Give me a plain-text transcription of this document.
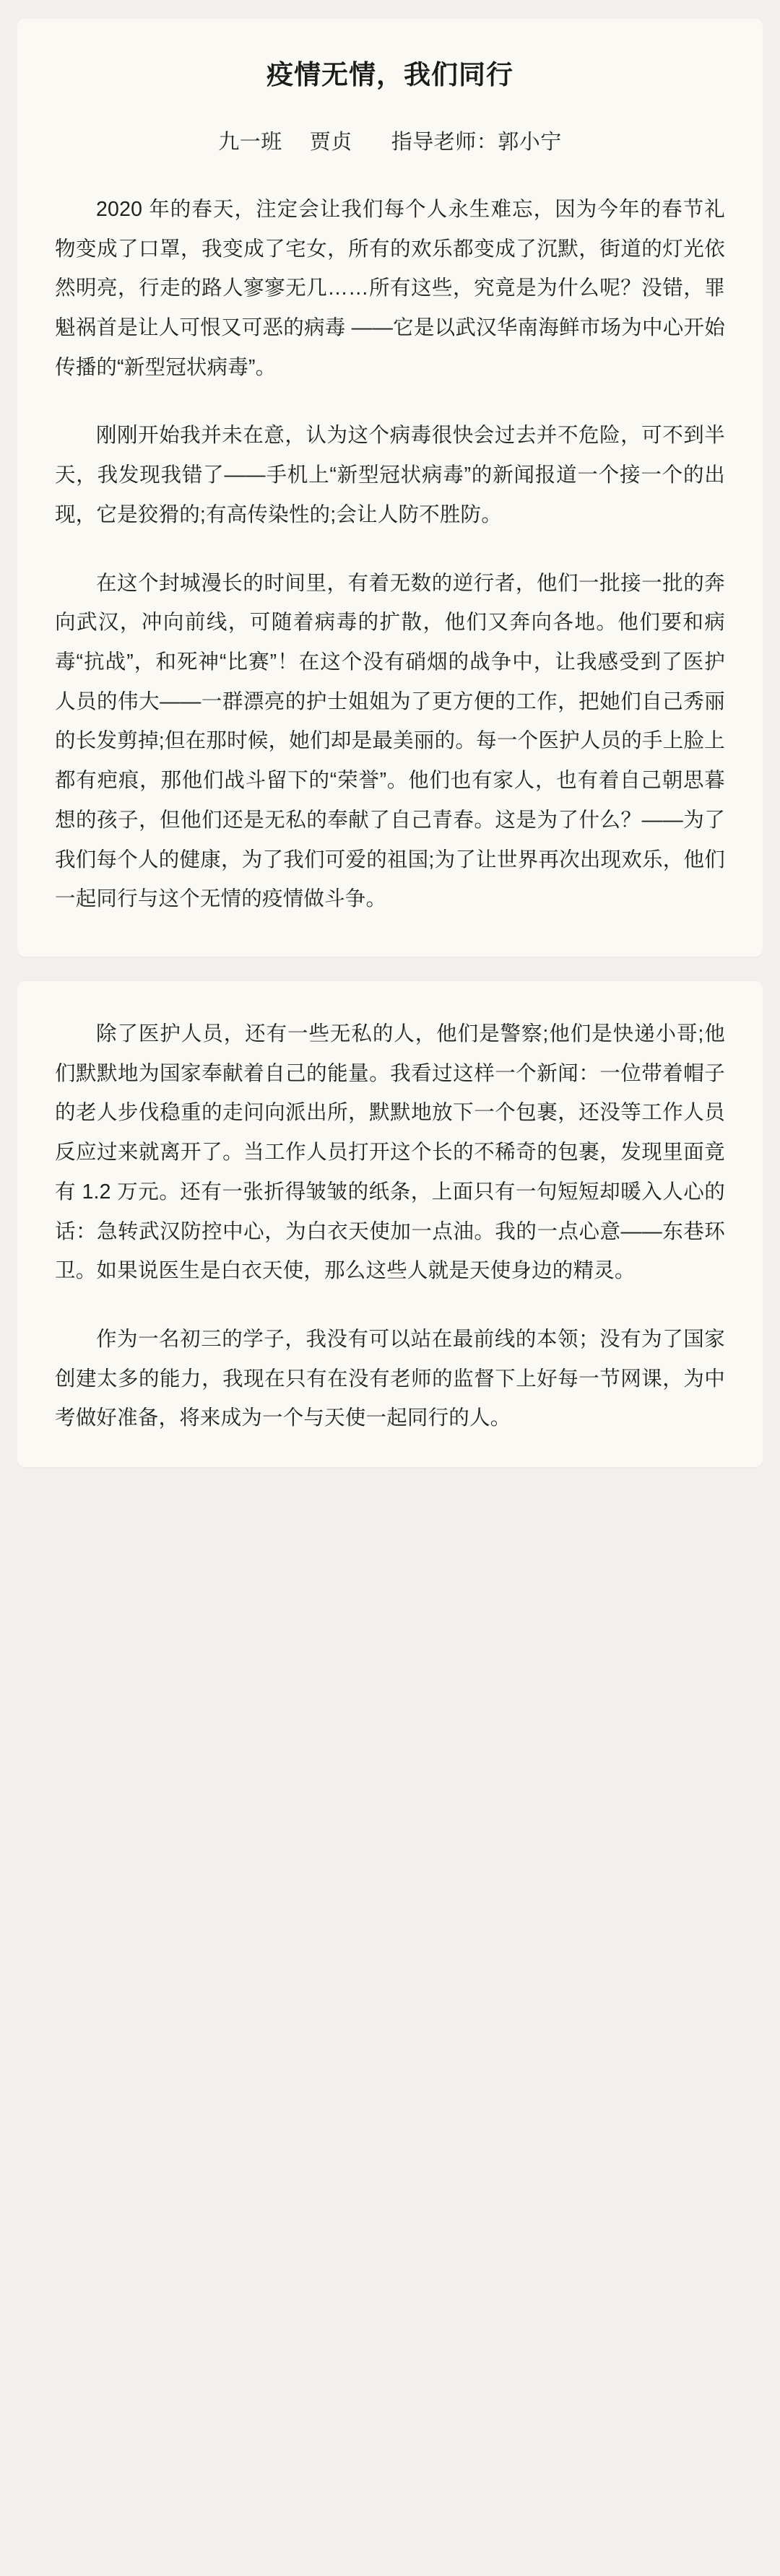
疫情无情，我们同行
九一班 贾贞 指导老师：郭小宁

2020 年的春天，注定会让我们每个人永生难忘，因为今年的春节礼物变成了口罩，我变成了宅女，所有的欢乐都变成了沉默，街道的灯光依然明亮，行走的路人寥寥无几……所有这些，究竟是为什么呢？没错，罪魁祸首是让人可恨又可恶的病毒 ——它是以武汉华南海鲜市场为中心开始传播的“新型冠状病毒”。

刚刚开始我并未在意，认为这个病毒很快会过去并不危险，可不到半天，我发现我错了——手机上“新型冠状病毒”的新闻报道一个接一个的出现，它是狡猾的;有高传染性的;会让人防不胜防。

在这个封城漫长的时间里，有着无数的逆行者，他们一批接一批的奔向武汉，冲向前线，可随着病毒的扩散，他们又奔向各地。他们要和病毒“抗战”，和死神“比赛”！在这个没有硝烟的战争中，让我感受到了医护人员的伟大——一群漂亮的护士姐姐为了更方便的工作，把她们自己秀丽的长发剪掉;但在那时候，她们却是最美丽的。每一个医护人员的手上脸上都有疤痕，那他们战斗留下的“荣誉”。他们也有家人，也有着自己朝思暮想的孩子，但他们还是无私的奉献了自己青春。这是为了什么？——为了我们每个人的健康，为了我们可爱的祖国;为了让世界再次出现欢乐，他们一起同行与这个无情的疫情做斗争。

除了医护人员，还有一些无私的人，他们是警察;他们是快递小哥;他们默默地为国家奉献着自己的能量。我看过这样一个新闻：一位带着帽子的老人步伐稳重的走问向派出所，默默地放下一个包裹，还没等工作人员反应过来就离开了。当工作人员打开这个长的不稀奇的包裹，发现里面竟有 1.2 万元。还有一张折得皱皱的纸条，上面只有一句短短却暖入人心的话：急转武汉防控中心，为白衣天使加一点油。我的一点心意——东巷环卫。如果说医生是白衣天使，那么这些人就是天使身边的精灵。

作为一名初三的学子，我没有可以站在最前线的本领；没有为了国家创建太多的能力，我现在只有在没有老师的监督下上好每一节网课，为中考做好准备，将来成为一个与天使一起同行的人。
